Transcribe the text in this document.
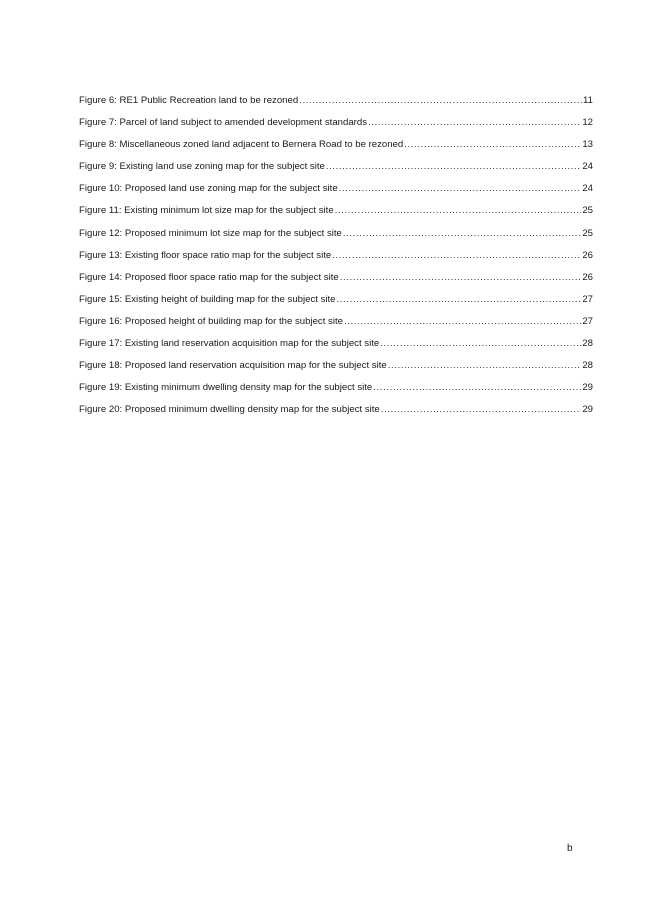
Figure 6: RE1 Public Recreation land to be rezoned .....	11
Figure 7: Parcel of land subject to amended development standards .....	12
Figure 8: Miscellaneous zoned land adjacent to Bernera Road to be rezoned .....	13
Figure 9: Existing land use zoning map for the subject site .....	24
Figure 10: Proposed land use zoning map for the subject site .....	24
Figure 11: Existing minimum lot size map for the subject site .....	25
Figure 12: Proposed minimum lot size map for the subject site .....	25
Figure 13: Existing floor space ratio map for the subject site .....	26
Figure 14: Proposed floor space ratio map for the subject site .....	26
Figure 15: Existing height of building map for the subject site .....	27
Figure 16: Proposed height of building map for the subject site .....	27
Figure 17: Existing land reservation acquisition map for the subject site .....	28
Figure 18: Proposed land reservation acquisition map for the subject site .....	28
Figure 19: Existing minimum dwelling density map for the subject site .....	29
Figure 20: Proposed minimum dwelling density map for the subject site .....	29
b
